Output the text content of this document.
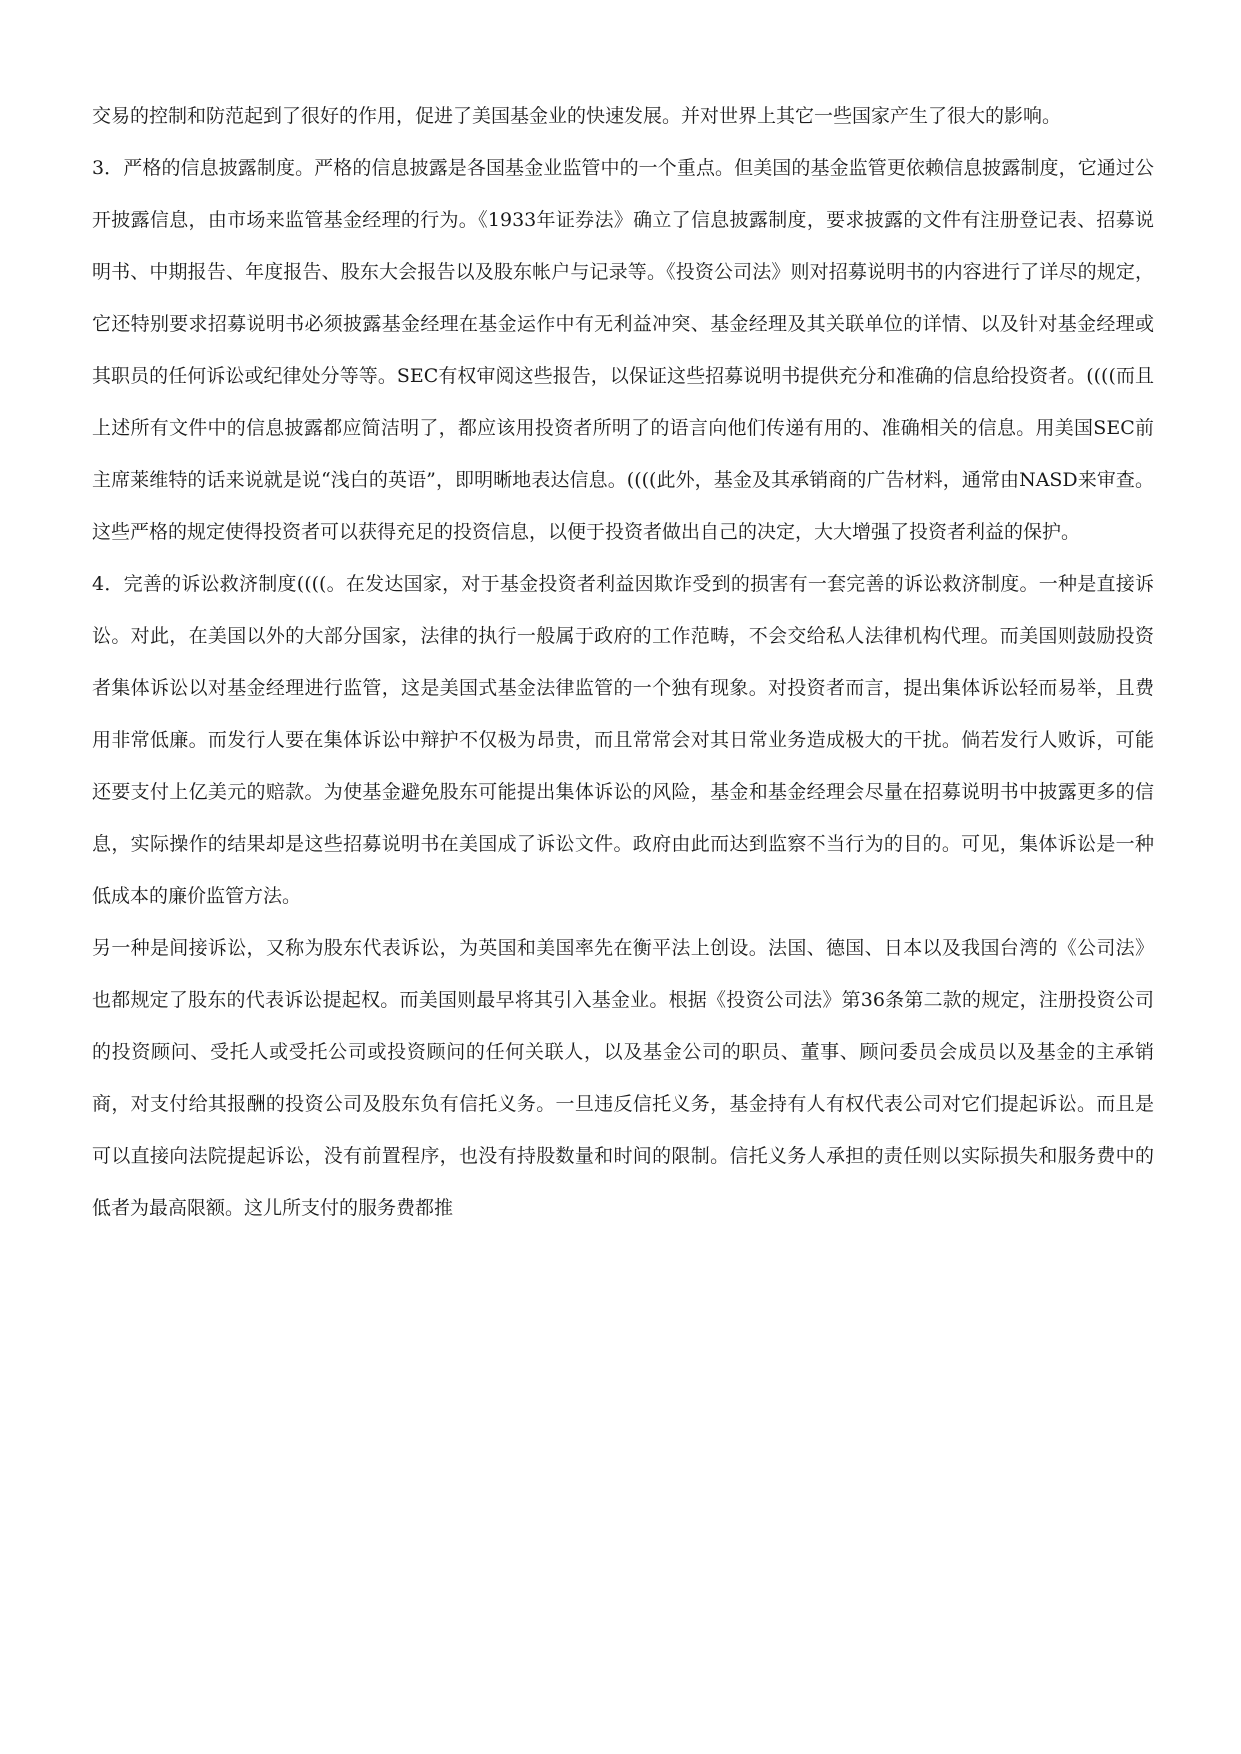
交易的控制和防范起到了很好的作用，促进了美国基金业的快速发展。并对世界上其它一些国家产生了很大的影响。

3．严格的信息披露制度。严格的信息披露是各国基金业监管中的一个重点。但美国的基金监管更依赖信息披露制度，它通过公开披露信息，由市场来监管基金经理的行为。《1933年证券法》确立了信息披露制度，要求披露的文件有注册登记表、招募说明书、中期报告、年度报告、股东大会报告以及股东帐户与记录等。《投资公司法》则对招募说明书的内容进行了详尽的规定，它还特别要求招募说明书必须披露基金经理在基金运作中有无利益冲突、基金经理及其关联单位的详情、以及针对基金经理或其职员的任何诉讼或纪律处分等等。SEC有权审阅这些报告，以保证这些招募说明书提供充分和准确的信息给投资者。((((而且上述所有文件中的信息披露都应简洁明了，都应该用投资者所明了的语言向他们传递有用的、准确相关的信息。用美国SEC前主席莱维特的话来说就是说“浅白的英语”，即明晰地表达信息。((((此外，基金及其承销商的广告材料，通常由NASD来审查。这些严格的规定使得投资者可以获得充足的投资信息，以便于投资者做出自己的决定，大大增强了投资者利益的保护。

4．完善的诉讼救济制度((((。在发达国家，对于基金投资者利益因欺诈受到的损害有一套完善的诉讼救济制度。一种是直接诉讼。对此，在美国以外的大部分国家，法律的执行一般属于政府的工作范畴，不会交给私人法律机构代理。而美国则鼓励投资者集体诉讼以对基金经理进行监管，这是美国式基金法律监管的一个独有现象。对投资者而言，提出集体诉讼轻而易举，且费用非常低廉。而发行人要在集体诉讼中辩护不仅极为昂贵，而且常常会对其日常业务造成极大的干扰。倘若发行人败诉，可能还要支付上亿美元的赔款。为使基金避免股东可能提出集体诉讼的风险，基金和基金经理会尽量在招募说明书中披露更多的信息，实际操作的结果却是这些招募说明书在美国成了诉讼文件。政府由此而达到监察不当行为的目的。可见，集体诉讼是一种低成本的廉价监管方法。

另一种是间接诉讼，又称为股东代表诉讼，为英国和美国率先在衡平法上创设。法国、德国、日本以及我国台湾的《公司法》也都规定了股东的代表诉讼提起权。而美国则最早将其引入基金业。根据《投资公司法》第36条第二款的规定，注册投资公司的投资顾问、受托人或受托公司或投资顾问的任何关联人，以及基金公司的职员、董事、顾问委员会成员以及基金的主承销商，对支付给其报酬的投资公司及股东负有信托义务。一旦违反信托义务，基金持有人有权代表公司对它们提起诉讼。而且是可以直接向法院提起诉讼，没有前置程序，也没有持股数量和时间的限制。信托义务人承担的责任则以实际损失和服务费中的低者为最高限额。这儿所支付的服务费都推
